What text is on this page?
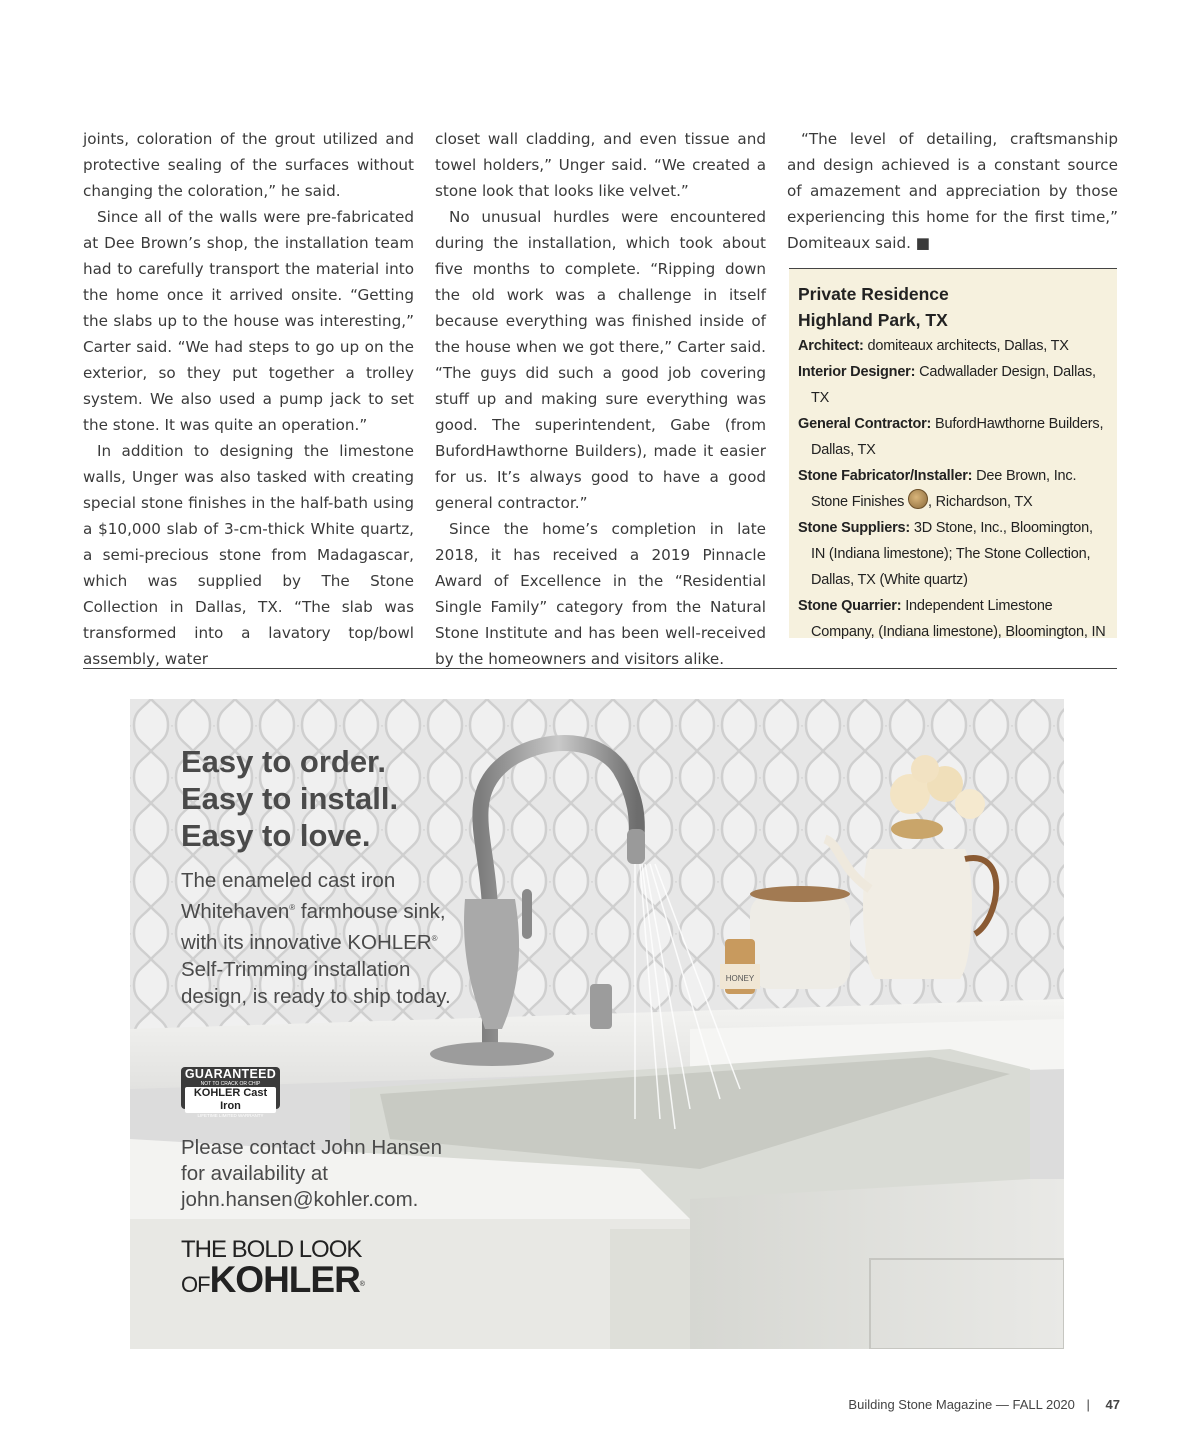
joints, coloration of the grout utilized and protective sealing of the surfaces without changing the coloration,” he said.

Since all of the walls were pre-fabricated at Dee Brown’s shop, the installation team had to carefully transport the material into the home once it arrived onsite. “Getting the slabs up to the house was interesting,” Carter said. “We had steps to go up on the exterior, so they put together a trolley system. We also used a pump jack to set the stone. It was quite an operation.”

In addition to designing the limestone walls, Unger was also tasked with creating special stone finishes in the half-bath using a $10,000 slab of 3-cm-thick White quartz, a semi-precious stone from Madagascar, which was supplied by The Stone Collection in Dallas, TX. “The slab was transformed into a lavatory top/bowl assembly, water

closet wall cladding, and even tissue and towel holders,” Unger said. “We created a stone look that looks like velvet.”

No unusual hurdles were encountered during the installation, which took about five months to complete. “Ripping down the old work was a challenge in itself because everything was finished inside of the house when we got there,” Carter said. “The guys did such a good job covering stuff up and making sure everything was good. The superintendent, Gabe (from BufordHawthorne Builders), made it easier for us. It’s always good to have a good general contractor.”

Since the home’s completion in late 2018, it has received a 2019 Pinnacle Award of Excellence in the “Residential Single Family” category from the Natural Stone Institute and has been well-received by the homeowners and visitors alike.

“The level of detailing, craftsmanship and design achieved is a constant source of amazement and appreciation by those experiencing this home for the first time,” Domiteaux said. ■

Private Residence
Highland Park, TX
Architect: domiteaux architects, Dallas, TX
Interior Designer: Cadwallader Design, Dallas, TX
General Contractor: BufordHawthorne Builders, Dallas, TX
Stone Fabricator/Installer: Dee Brown, Inc. Stone Finishes , Richardson, TX
Stone Suppliers: 3D Stone, Inc., Bloomington, IN (Indiana limestone); The Stone Collection, Dallas, TX (White quartz)
Stone Quarrier: Independent Limestone Company, (Indiana limestone), Bloomington, IN
HONEY
Easy to order.
Easy to install.
Easy to love.
The enameled cast iron Whitehaven® farmhouse sink, with its innovative KOHLER® Self-Trimming installation design, is ready to ship today.
GUARANTEED
NOT TO CRACK OR CHIP
KOHLER Cast Iron
LIFETIME LIMITED WARRANTY
Please contact John Hansen for availability at john.hansen@kohler.com.
THE BOLD LOOK
OFKOHLER®
Building Stone Magazine — FALL 2020 | 47
